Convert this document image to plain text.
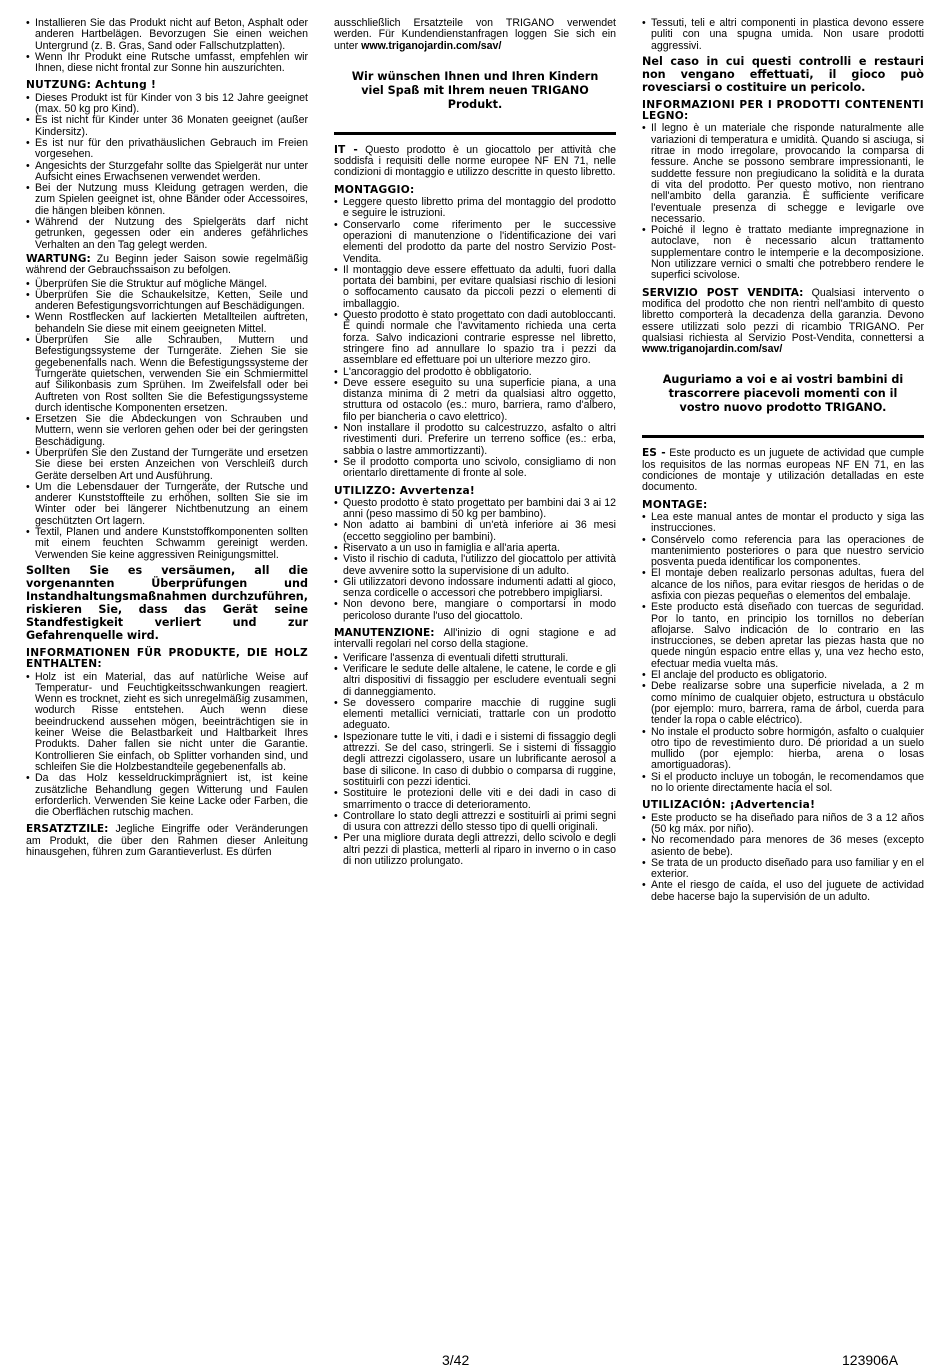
• Installieren Sie das Produkt nicht auf Beton, Asphalt oder anderen Hartbelägen. Bevorzugen Sie einen weichen Untergrund (z. B. Gras, Sand oder Fallschutzplatten).
• Wenn Ihr Produkt eine Rutsche umfasst, empfehlen wir Ihnen, diese nicht frontal zur Sonne hin auszurichten.

NUTZUNG: Achtung !

• Dieses Produkt ist für Kinder von 3 bis 12 Jahre geeignet (max. 50 kg pro Kind).
• Es ist nicht für Kinder unter 36 Monaten geeignet (außer Kindersitz).
• Es ist nur für den privathäuslichen Gebrauch im Freien vorgesehen.
• Angesichts der Sturzgefahr sollte das Spielgerät nur unter Aufsicht eines Erwachsenen verwendet werden.
• Bei der Nutzung muss Kleidung getragen werden, die zum Spielen geeignet ist, ohne Bänder oder Accessoires, die hängen bleiben können.
• Während der Nutzung des Spielgeräts darf nicht getrunken, gegessen oder ein anderes gefährliches Verhalten an den Tag gelegt werden.

WARTUNG: Zu Beginn jeder Saison sowie regelmäßig während der Gebrauchssaison zu befolgen.

• Überprüfen Sie die Struktur auf mögliche Mängel.
• Überprüfen Sie die Schaukelsitze, Ketten, Seile und anderen Befestigungsvorrichtungen auf Beschädigungen.
• Wenn Rostflecken auf lackierten Metallteilen auftreten, behandeln Sie diese mit einem geeigneten Mittel.
• Überprüfen Sie alle Schrauben, Muttern und Befestigungssysteme der Turngeräte. Ziehen Sie sie gegebenenfalls nach. Wenn die Befestigungssysteme der Turngeräte quietschen, verwenden Sie ein Schmiermittel auf Silikonbasis zum Sprühen. Im Zweifelsfall oder bei Auftreten von Rost sollten Sie die Befestigungssysteme durch identische Komponenten ersetzen.
• Ersetzen Sie die Abdeckungen von Schrauben und Muttern, wenn sie verloren gehen oder bei der geringsten Beschädigung.
• Überprüfen Sie den Zustand der Turngeräte und ersetzen Sie diese bei ersten Anzeichen von Verschleiß durch Geräte derselben Art und Ausführung.
• Um die Lebensdauer der Turngeräte, der Rutsche und anderer Kunststoffteile zu erhöhen, sollten Sie sie im Winter oder bei längerer Nichtbenutzung an einem geschützten Ort lagern.
• Textil, Planen und andere Kunststoffkomponenten sollten mit einem feuchten Schwamm gereinigt werden. Verwenden Sie keine aggressiven Reinigungsmittel.

Sollten Sie es versäumen, all die vorgenannten Überprüfungen und Instandhaltungsmaßnahmen durchzuführen, riskieren Sie, dass das Gerät seine Standfestigkeit verliert und zur Gefahrenquelle wird.

INFORMATIONEN FÜR PRODUKTE, DIE HOLZ ENTHALTEN:

• Holz ist ein Material, das auf natürliche Weise auf Temperatur- und Feuchtigkeitsschwankungen reagiert. Wenn es trocknet, zieht es sich unregelmäßig zusammen, wodurch Risse entstehen. Auch wenn diese beeindruckend aussehen mögen, beeinträchtigen sie in keiner Weise die Belastbarkeit und Haltbarkeit Ihres Produkts. Daher fallen sie nicht unter die Garantie. Kontrollieren Sie einfach, ob Splitter vorhanden sind, und schleifen Sie die Holzbestandteile gegebenenfalls ab.
• Da das Holz kesseldruckimprägniert ist, ist keine zusätzliche Behandlung gegen Witterung und Faulen erforderlich. Verwenden Sie keine Lacke oder Farben, die die Oberflächen rutschig machen.

ERSATZTZILE: Jegliche Eingriffe oder Veränderungen am Produkt, die über den Rahmen dieser Anleitung hinausgehen, führen zum Garantieverlust. Es dürfen

ausschließlich Ersatzteile von TRIGANO verwendet werden. Für Kundendienstanfragen loggen Sie sich ein unter www.triganojardin.com/sav/

Wir wünschen Ihnen und Ihren Kindern viel Spaß mit Ihrem neuen TRIGANO Produkt.

IT - Questo prodotto è un giocattolo per attività che soddisfa i requisiti delle norme europee NF EN 71, nelle condizioni di montaggio e utilizzo descritte in questo libretto.

MONTAGGIO:

• Leggere questo libretto prima del montaggio del prodotto e seguire le istruzioni.
• Conservarlo come riferimento per le successive operazioni di manutenzione o l'identificazione dei vari elementi del prodotto da parte del nostro Servizio Post-Vendita.
• Il montaggio deve essere effettuato da adulti, fuori dalla portata dei bambini, per evitare qualsiasi rischio di lesioni o soffocamento causato da piccoli pezzi o elementi di imballaggio.
• Questo prodotto è stato progettato con dadi autobloccanti. È quindi normale che l'avvitamento richieda una certa forza. Salvo indicazioni contrarie espresse nel libretto, stringere fino ad annullare lo spazio tra i pezzi da assemblare ed effettuare poi un ulteriore mezzo giro.
• L'ancoraggio del prodotto è obbligatorio.
• Deve essere eseguito su una superficie piana, a una distanza minima di 2 metri da qualsiasi altro oggetto, struttura od ostacolo (es.: muro, barriera, ramo d'albero, filo per biancheria o cavo elettrico).
• Non installare il prodotto su calcestruzzo, asfalto o altri rivestimenti duri. Preferire un terreno soffice (es.: erba, sabbia o lastre ammortizzanti).
• Se il prodotto comporta uno scivolo, consigliamo di non orientarlo direttamente di fronte al sole.

UTILIZZO: Avvertenza!

• Questo prodotto è stato progettato per bambini dai 3 ai 12 anni (peso massimo di 50 kg per bambino).
• Non adatto ai bambini di un'età inferiore ai 36 mesi (eccetto seggiolino per bambini).
• Riservato a un uso in famiglia e all'aria aperta.
• Visto il rischio di caduta, l'utilizzo del giocattolo per attività deve avvenire sotto la supervisione di un adulto.
• Gli utilizzatori devono indossare indumenti adatti al gioco, senza cordicelle o accessori che potrebbero impigliarsi.
• Non devono bere, mangiare o comportarsi in modo pericoloso durante l'uso del giocattolo.

MANUTENZIONE: All'inizio di ogni stagione e ad intervalli regolari nel corso della stagione.

• Verificare l'assenza di eventuali difetti strutturali.
• Verificare le sedute delle altalene, le catene, le corde e gli altri dispositivi di fissaggio per escludere eventuali segni di danneggiamento.
• Se dovessero comparire macchie di ruggine sugli elementi metallici verniciati, trattarle con un prodotto adeguato.
• Ispezionare tutte le viti, i dadi e i sistemi di fissaggio degli attrezzi. Se del caso, stringerli. Se i sistemi di fissaggio degli attrezzi cigolassero, usare un lubrificante aerosol a base di silicone. In caso di dubbio o comparsa di ruggine, sostituirli con pezzi identici.
• Sostituire le protezioni delle viti e dei dadi in caso di smarrimento o tracce di deterioramento.
• Controllare lo stato degli attrezzi e sostituirli ai primi segni di usura con attrezzi dello stesso tipo di quelli originali.
• Per una migliore durata degli attrezzi, dello scivolo e degli altri pezzi di plastica, metterli al riparo in inverno o in caso di non utilizzo prolungato.
• Tessuti, teli e altri componenti in plastica devono essere puliti con una spugna umida. Non usare prodotti aggressivi.

Nel caso in cui questi controlli e restauri non vengano effettuati, il gioco può rovesciarsi o costituire un pericolo.

INFORMAZIONI PER I PRODOTTI CONTENENTI LEGNO:

• Il legno è un materiale che risponde naturalmente alle variazioni di temperatura e umidità. Quando si asciuga, si ritrae in modo irregolare, provocando la comparsa di fessure. Anche se possono sembrare impressionanti, le suddette fessure non pregiudicano la solidità e la durata di vita del prodotto. Per questo motivo, non rientrano nell'ambito della garanzia. È sufficiente verificare l'eventuale presenza di schegge e levigarle ove necessario.
• Poiché il legno è trattato mediante impregnazione in autoclave, non è necessario alcun trattamento supplementare contro le intemperie e la decomposizione. Non utilizzare vernici o smalti che potrebbero rendere le superfici scivolose.

SERVIZIO POST VENDITA: Qualsiasi intervento o modifica del prodotto che non rientri nell'ambito di questo libretto comporterà la decadenza della garanzia. Devono essere utilizzati solo pezzi di ricambio TRIGANO. Per qualsiasi richiesta al Servizio Post-Vendita, connettersi a www.triganojardin.com/sav/

Auguriamo a voi e ai vostri bambini di trascorrere piacevoli momenti con il vostro nuovo prodotto TRIGANO.

ES - Este producto es un juguete de actividad que cumple los requisitos de las normas europeas NF EN 71, en las condiciones de montaje y utilización detalladas en este documento.

MONTAGE:

• Lea este manual antes de montar el producto y siga las instrucciones.
• Consérvelo como referencia para las operaciones de mantenimiento posteriores o para que nuestro servicio posventa pueda identificar los componentes.
• El montaje deben realizarlo personas adultas, fuera del alcance de los niños, para evitar riesgos de heridas o de asfixia con piezas pequeñas o elementos del embalaje.
• Este producto está diseñado con tuercas de seguridad. Por lo tanto, en principio los tornillos no deberían aflojarse. Salvo indicación de lo contrario en las instrucciones, se deben apretar las piezas hasta que no quede ningún espacio entre ellas y, una vez hecho esto, efectuar media vuelta más.
• El anclaje del producto es obligatorio.
• Debe realizarse sobre una superficie nivelada, a 2 m como mínimo de cualquier objeto, estructura u obstáculo (por ejemplo: muro, barrera, rama de árbol, cuerda para tender la ropa o cable eléctrico).
• No instale el producto sobre hormigón, asfalto o cualquier otro tipo de revestimiento duro. Dé prioridad a un suelo mullido (por ejemplo: hierba, arena o losas amortiguadoras).
• Si el producto incluye un tobogán, le recomendamos que no lo oriente directamente hacia el sol.

UTILIZACIÓN: ¡Advertencia!

• Este producto se ha diseñado para niños de 3 a 12 años (50 kg máx. por niño).
• No recomendado para menores de 36 meses (excepto asiento de bebe).
• Se trata de un producto diseñado para uso familiar y en el exterior.
• Ante el riesgo de caída, el uso del juguete de actividad debe hacerse bajo la supervisión de un adulto.
3/42	123906A
